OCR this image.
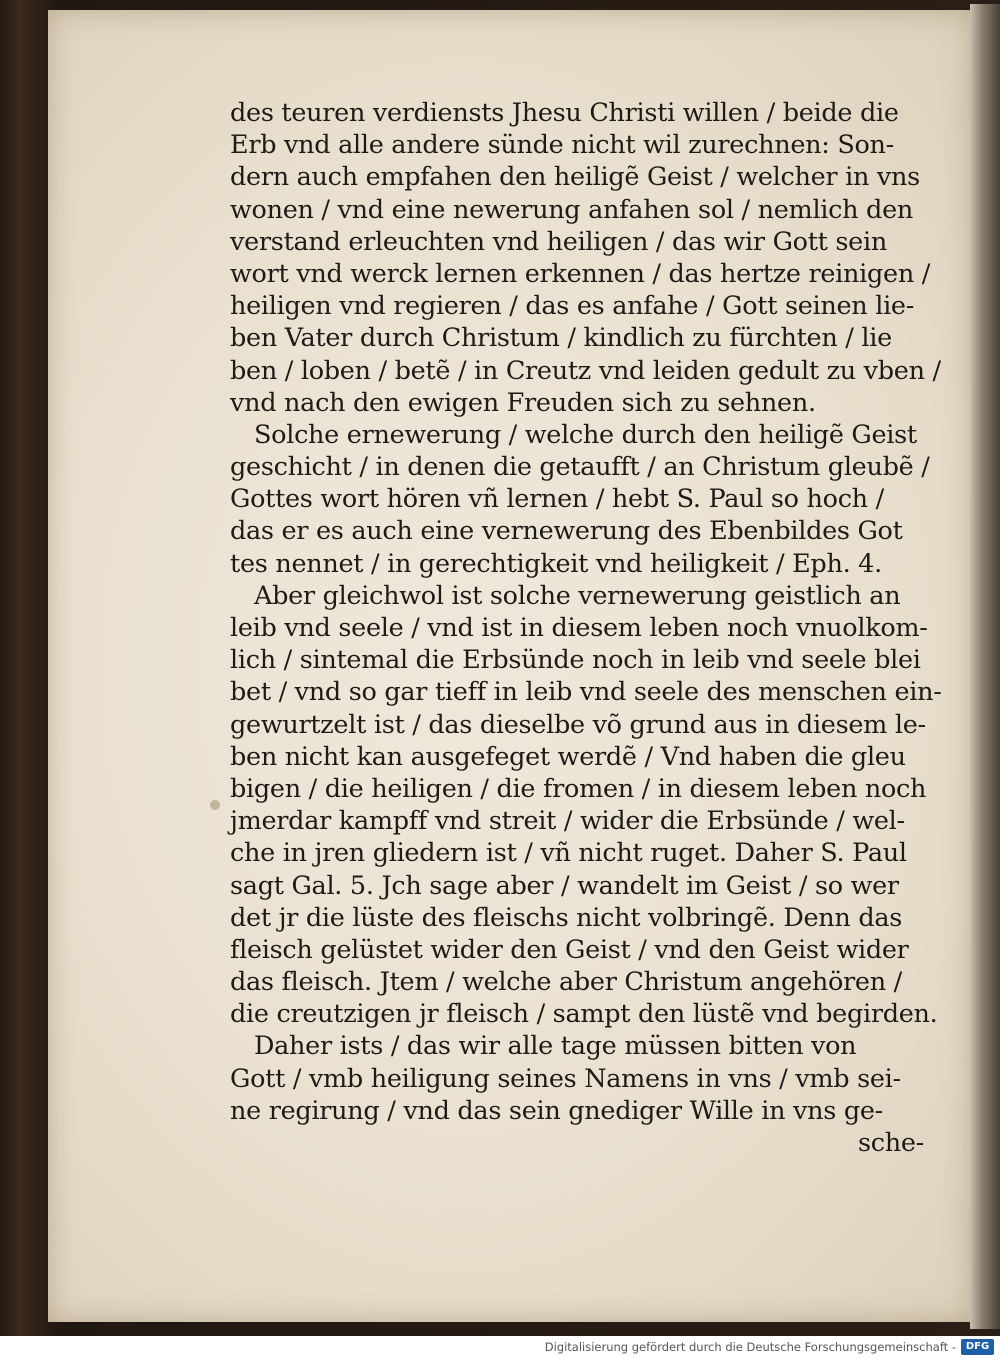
des teuren verdiensts Jhesu Christi willen / beide die
Erb vnd alle andere sünde nicht wil zurechnen: Son-
dern auch empfahen den heiligẽ Geist / welcher in vns
wonen / vnd eine newerung anfahen sol / nemlich den
verstand erleuchten vnd heiligen / das wir Gott sein
wort vnd werck lernen erkennen / das hertze reinigen /
heiligen vnd regieren / das es anfahe / Gott seinen lie-
ben Vater durch Christum / kindlich zu fürchten / lie
ben / loben / betẽ / in Creutz vnd leiden gedult zu vben /
vnd nach den ewigen Freuden sich zu sehnen.
Solche ernewerung / welche durch den heiligẽ Geist
geschicht / in denen die getaufft / an Christum gleubẽ /
Gottes wort hören vñ lernen / hebt S. Paul so hoch /
das er es auch eine vernewerung des Ebenbildes Got
tes nennet / in gerechtigkeit vnd heiligkeit / Eph. 4.
Aber gleichwol ist solche vernewerung geistlich an
leib vnd seele / vnd ist in diesem leben noch vnuolkom-
lich / sintemal die Erbsünde noch in leib vnd seele blei
bet / vnd so gar tieff in leib vnd seele des menschen ein-
gewurtzelt ist / das dieselbe võ grund aus in diesem le-
ben nicht kan ausgefeget werdẽ / Vnd haben die gleu
bigen / die heiligen / die fromen / in diesem leben noch
jmerdar kampff vnd streit / wider die Erbsünde / wel-
che in jren gliedern ist / vñ nicht ruget. Daher S. Paul
sagt Gal. 5. Jch sage aber / wandelt im Geist / so wer
det jr die lüste des fleischs nicht volbringẽ. Denn das
fleisch gelüstet wider den Geist / vnd den Geist wider
das fleisch. Jtem / welche aber Christum angehören /
die creutzigen jr fleisch / sampt den lüstẽ vnd begirden.
Daher ists / das wir alle tage müssen bitten von
Gott / vmb heiligung seines Namens in vns / vmb sei-
ne regirung / vnd das sein gnediger Wille in vns ge-
sche-
Digitalisierung gefördert durch die Deutsche Forschungsgemeinschaft - DFG
